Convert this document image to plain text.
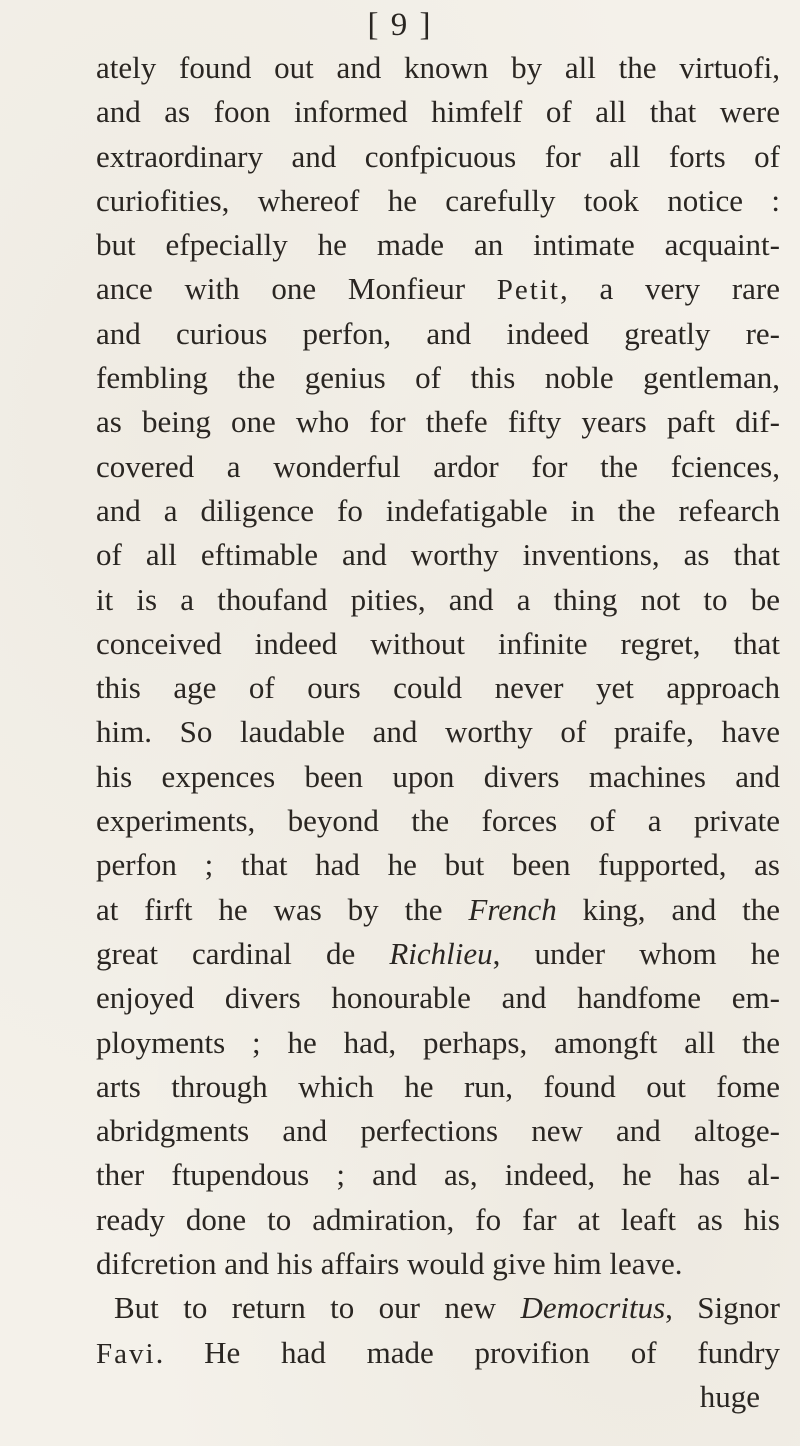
[ 9 ]
ately found out and known by all the virtuofi,
and as foon informed himfelf of all that were
extraordinary and confpicuous for all forts of
curiofities, whereof he carefully took notice :
but efpecially he made an intimate acquaint-
ance with one Monfieur Petit, a very rare
and curious perfon, and indeed greatly re-
fembling the genius of this noble gentleman,
as being one who for thefe fifty years paft dif-
covered a wonderful ardor for the fciences,
and a diligence fo indefatigable in the refearch
of all eftimable and worthy inventions, as that
it is a thoufand pities, and a thing not to be
conceived indeed without infinite regret, that
this age of ours could never yet approach
him. So laudable and worthy of praife, have
his expences been upon divers machines and
experiments, beyond the forces of a private
perfon ; that had he but been fupported, as
at firft he was by the French king, and the
great cardinal de Richlieu, under whom he
enjoyed divers honourable and handfome em-
ployments ; he had, perhaps, amongft all the
arts through which he run, found out fome
abridgments and perfections new and altoge-
ther ftupendous ; and as, indeed, he has al-
ready done to admiration, fo far at leaft as his
difcretion and his affairs would give him leave.
But to return to our new Democritus, Signor
Favi. He had made provifion of fundry
huge
